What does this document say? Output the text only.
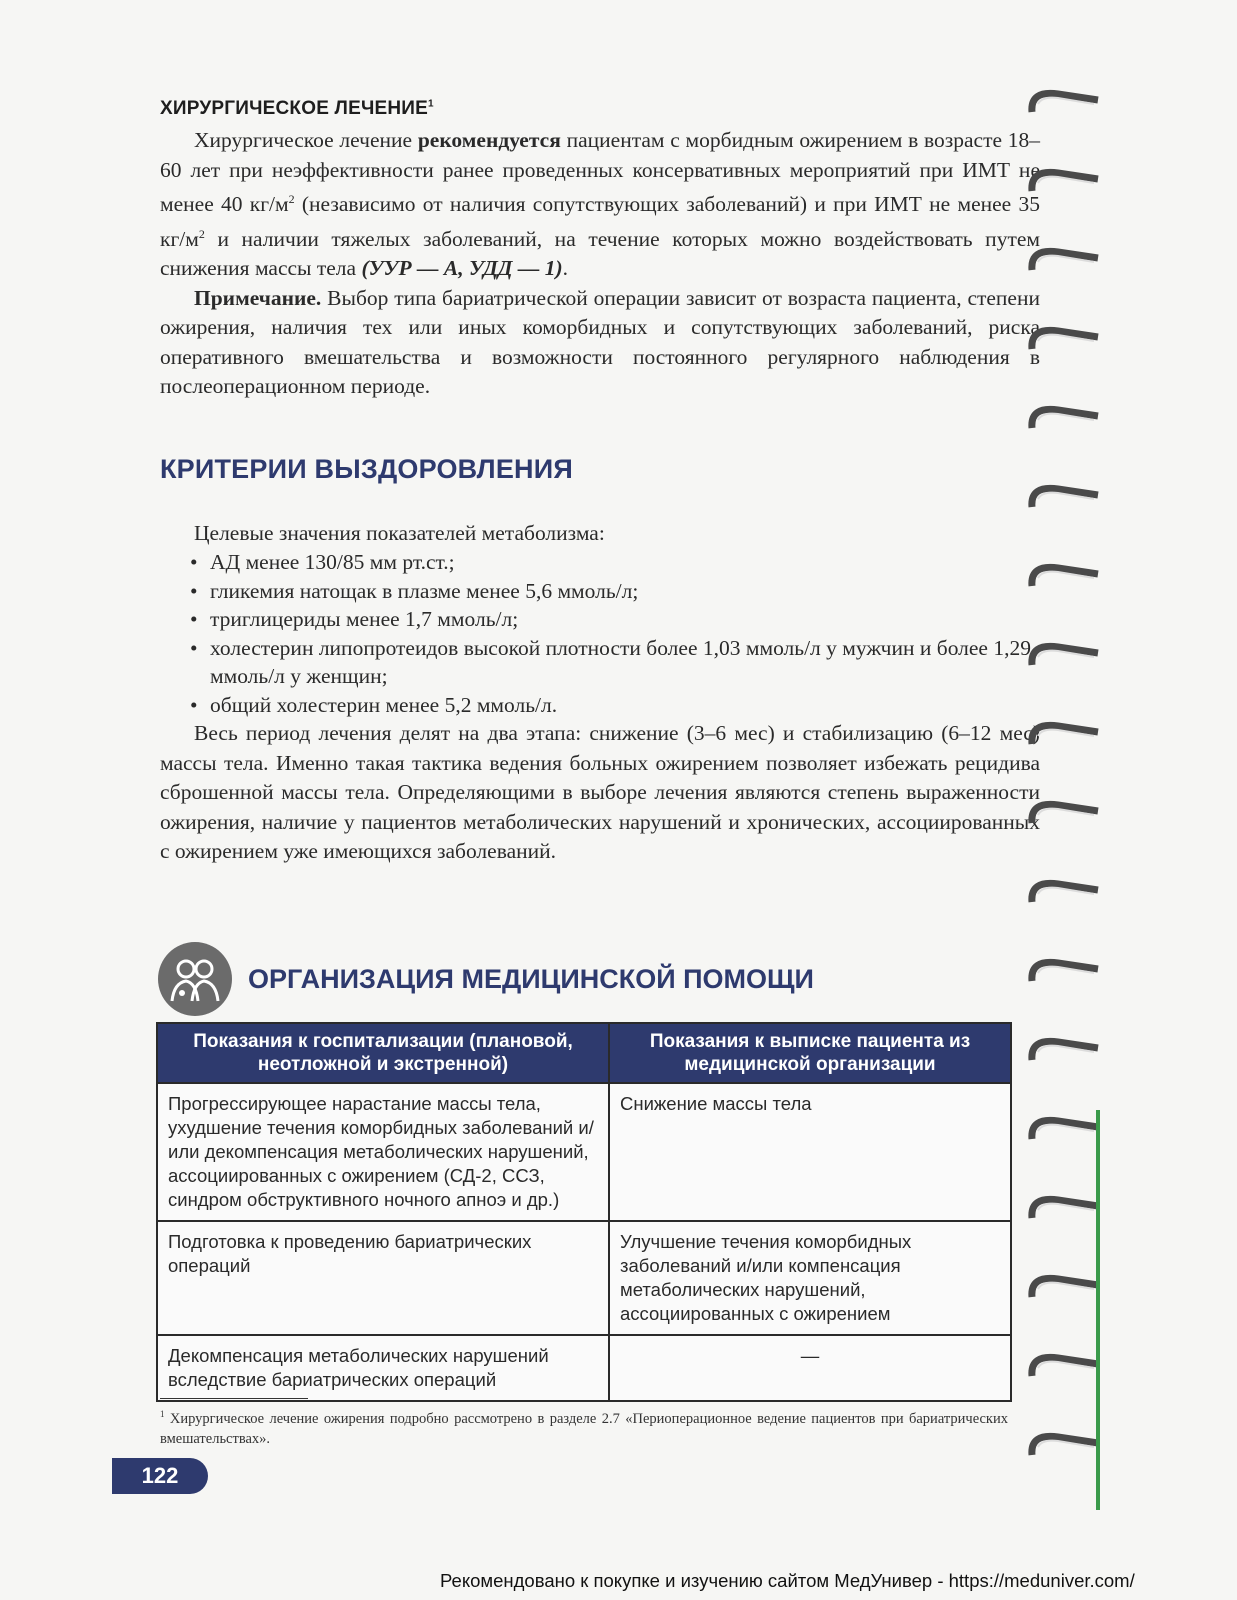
ХИРУРГИЧЕСКОЕ ЛЕЧЕНИЕ$^1$

Хирургическое лечение рекомендуется пациентам с морбидным ожирением в возрасте 18–60 лет при неэффективности ранее проведенных консервативных мероприятий при ИМТ не менее 40 $кг/м^2$ (независимо от наличия сопутствующих заболеваний) и при ИМТ не менее 35 $кг/м^2$ и наличии тяжелых заболеваний, на течение которых можно воздействовать путем снижения массы тела (УУР — А, УДД — 1).

Примечание. Выбор типа бариатрической операции зависит от возраста пациента, степени ожирения, наличия тех или иных коморбидных и сопутствующих заболеваний, риска оперативного вмешательства и возможности постоянного регулярного наблюдения в послеоперационном периоде.

КРИТЕРИИ ВЫЗДОРОВЛЕНИЯ

Целевые значения показателей метаболизма:

• АД менее 130/85 мм рт.ст.;
• гликемия натощак в плазме менее 5,6 ммоль/л;
• триглицериды менее 1,7 ммоль/л;
• холестерин липопротеидов высокой плотности более 1,03 ммоль/л у мужчин и более 1,29 ммоль/л у женщин;
• общий холестерин менее 5,2 ммоль/л.

Весь период лечения делят на два этапа: снижение (3–6 мес) и стабилизацию (6–12 мес) массы тела. Именно такая тактика ведения больных ожирением позволяет избежать рецидива сброшенной массы тела. Определяющими в выборе лечения являются степень выраженности ожирения, наличие у пациентов метаболических нарушений и хронических, ассоциированных с ожирением уже имеющихся заболеваний.

ОРГАНИЗАЦИЯ МЕДИЦИНСКОЙ ПОМОЩИ
Показания к госпитализации (плановой, неотложной и экстренной)	Показания к выписке пациента из медицинской организации
Прогрессирующее нарастание массы тела, ухудшение течения коморбидных заболеваний и/или декомпенсация метаболических нарушений, ассоциированных с ожирением (СД-2, ССЗ, синдром обструктивного ночного апноэ и др.)	Снижение массы тела
Подготовка к проведению бариатрических операций	Улучшение течения коморбидных заболеваний и/или компенсация метаболических нарушений, ассоциированных с ожирением
Декомпенсация метаболических нарушений вследствие бариатрических операций	—
$^1$ Хирургическое лечение ожирения подробно рассмотрено в разделе 2.7 «Периоперационное ведение пациентов при бариатрических вмешательствах».
122
Рекомендовано к покупке и изучению сайтом МедУнивер - https://meduniver.com/
